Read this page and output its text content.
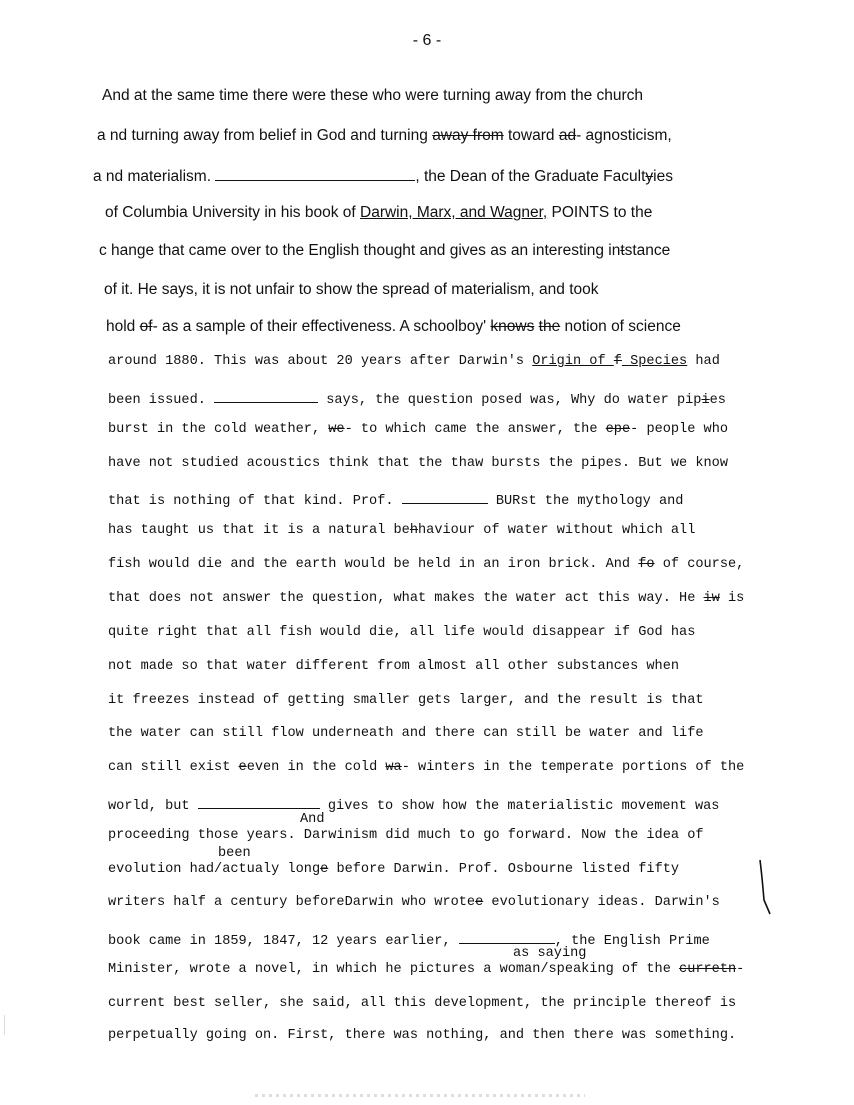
- 6 -
And at the same time there were these who were turning away from the church
a nd turning away from belief in God and turning away from toward ad- agnosticism,
a nd materialism.	, the Dean of the Graduate Facultyies
of Columbia University in his book of Darwin, Marx, and Wagner, POINTS to the
c hange that came over to the English thought and gives as an interesting intstance
of it. He says, it is not unfair to show the spread of materialism, and took
hold of- as a sample of their effectiveness. A schoolboy' knows the notion of science
around 1880. This was about 20 years after Darwin's Origin of f Species had
been issued.	says, the question posed was, Why do water pipies
burst in the cold weather, we- to which came the answer, the epe- people who
have not studied acoustics think that the thaw bursts the pipes. But we know
that is nothing of that kind. Prof.	BURst the mythology and
has taught us that it is a natural behhaviour of water without which all
fish would die and the earth would be held in an iron brick. And fo of course,
that does not answer the question, what makes the water act this way. He iw is
quite right that all fish would die, all life would disappear if God has
not made so that water different from almost all other substances when
it freezes instead of getting smaller gets larger, and the result is that
the water can still flow underneath and there can still be water and life
can still exist eeven in the cold wa- winters in the temperate portions of the
world, but	gives to show how the materialistic movement was
proceeding those years. Darwinism did much to go forward. Now the idea of
evolution had/actualy longe before Darwin. Prof. Osbourne listed fifty
writers half a century beforeDarwin who wrotee evolutionary ideas. Darwin's
book came in 1859, 1847, 12 years earlier,	, the English Prime
Minister, wrote a novel, in which he pictures a woman/speaking of the curretn-
current best seller, she said, all this development, the principle thereof is
perpetually going on. First, there was nothing, and then there was something.
And
been
as saying
